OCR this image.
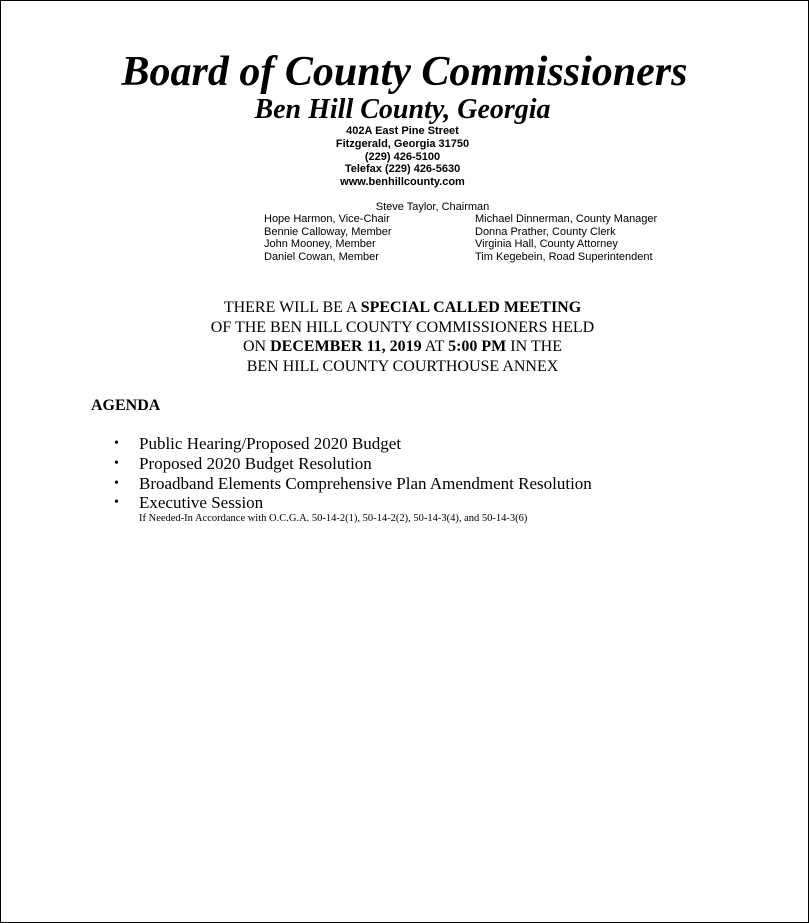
Board of County Commissioners
Ben Hill County, Georgia
402A East Pine Street
Fitzgerald, Georgia 31750
(229) 426-5100
Telefax (229) 426-5630
www.benhillcounty.com
Steve Taylor, Chairman
Hope Harmon, Vice-Chair
Bennie Calloway, Member
John Mooney, Member
Daniel Cowan, Member
Michael Dinnerman, County Manager
Donna Prather, County Clerk
Virginia Hall, County Attorney
Tim Kegebein, Road Superintendent
THERE WILL BE A SPECIAL CALLED MEETING
OF THE BEN HILL COUNTY COMMISSIONERS HELD
ON DECEMBER 11, 2019 AT 5:00 PM IN THE
BEN HILL COUNTY COURTHOUSE ANNEX
AGENDA
• Public Hearing/Proposed 2020 Budget
• Proposed 2020 Budget Resolution
• Broadband Elements Comprehensive Plan Amendment Resolution
• Executive Session
If Needed-In Accordance with O.C.G.A. 50-14-2(1), 50-14-2(2), 50-14-3(4), and 50-14-3(6)
